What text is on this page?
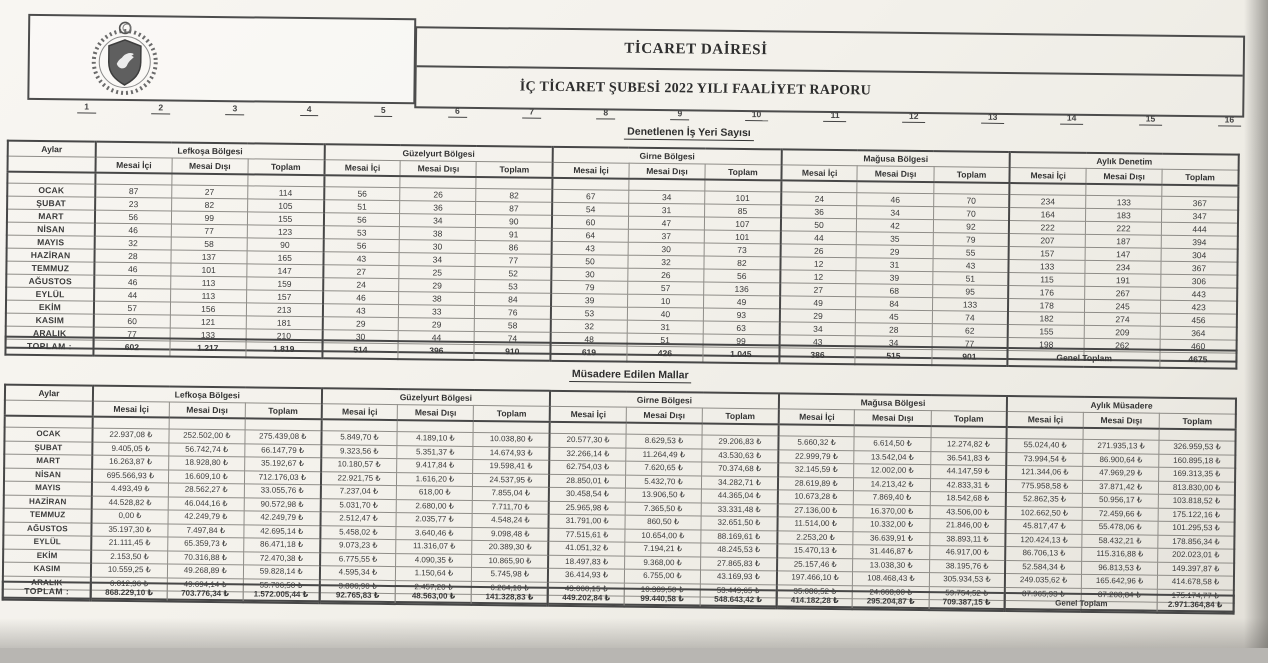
TİCARET DAİRESİ
İÇ TİCARET ŞUBESİ 2022 YILI FAALİYET RAPORU
1	2	3	4	5	6	7	8	9	10	11	12	13	14	15	16
Denetlenen İş Yeri Sayısı
Aylar	Lefkoşa Bölgesi			Güzelyurt Bölgesi			Girne Bölgesi			Mağusa Bölgesi			Aylık Denetim		
	Mesai İçi	Mesai Dışı	Toplam	Mesai İçi	Mesai Dışı	Toplam	Mesai İçi	Mesai Dışı	Toplam	Mesai İçi	Mesai Dışı	Toplam	Mesai İçi	Mesai Dışı	Toplam

OCAK	87	27	114	56	26	82	67	34	101	24	46	70	234	133	367
ŞUBAT	23	82	105	51	36	87	54	31	85	36	34	70	164	183	347
MART	56	99	155	56	34	90	60	47	107	50	42	92	222	222	444
NİSAN	46	77	123	53	38	91	64	37	101	44	35	79	207	187	394
MAYIS	32	58	90	56	30	86	43	30	73	26	29	55	157	147	304
HAZİRAN	28	137	165	43	34	77	50	32	82	12	31	43	133	234	367
TEMMUZ	46	101	147	27	25	52	30	26	56	12	39	51	115	191	306
AĞUSTOS	46	113	159	24	29	53	79	57	136	27	68	95	176	267	443
EYLÜL	44	113	157	46	38	84	39	10	49	49	84	133	178	245	423
EKİM	57	156	213	43	33	76	53	40	93	29	45	74	182	274	456
KASIM	60	121	181	29	29	58	32	31	63	34	28	62	155	209	364
ARALIK	77	133	210	30	44	74	48	51	99	43	34	77	198	262	460

TOPLAM :	602	1.217	1.819	514	396	910	619	426	1.045	386	515	901	Genel Toplam	4675
Müsadere Edilen Mallar
Aylar	Lefkoşa Bölgesi			Güzelyurt Bölgesi			Girne Bölgesi			Mağusa Bölgesi			Aylık Müsadere		
	Mesai İçi	Mesai Dışı	Toplam	Mesai İçi	Mesai Dışı	Toplam	Mesai İçi	Mesai Dışı	Toplam	Mesai İçi	Mesai Dışı	Toplam	Mesai İçi	Mesai Dışı	Toplam

OCAK	22.937,08 ₺	252.502,00 ₺	275.439,08 ₺	5.849,70 ₺	4.189,10 ₺	10.038,80 ₺	20.577,30 ₺	8.629,53 ₺	29.206,83 ₺	5.660,32 ₺	6.614,50 ₺	12.274,82 ₺	55.024,40 ₺	271.935,13 ₺	326.959,53 ₺
ŞUBAT	9.405,05 ₺	56.742,74 ₺	66.147,79 ₺	9.323,56 ₺	5.351,37 ₺	14.674,93 ₺	32.266,14 ₺	11.264,49 ₺	43.530,63 ₺	22.999,79 ₺	13.542,04 ₺	36.541,83 ₺	73.994,54 ₺	86.900,64 ₺	160.895,18 ₺
MART	16.263,87 ₺	18.928,80 ₺	35.192,67 ₺	10.180,57 ₺	9.417,84 ₺	19.598,41 ₺	62.754,03 ₺	7.620,65 ₺	70.374,68 ₺	32.145,59 ₺	12.002,00 ₺	44.147,59 ₺	121.344,06 ₺	47.969,29 ₺	169.313,35 ₺
NİSAN	695.566,93 ₺	16.609,10 ₺	712.176,03 ₺	22.921,75 ₺	1.616,20 ₺	24.537,95 ₺	28.850,01 ₺	5.432,70 ₺	34.282,71 ₺	28.619,89 ₺	14.213,42 ₺	42.833,31 ₺	775.958,58 ₺	37.871,42 ₺	813.830,00 ₺
MAYIS	4.493,49 ₺	28.562,27 ₺	33.055,76 ₺	7.237,04 ₺	618,00 ₺	7.855,04 ₺	30.458,54 ₺	13.906,50 ₺	44.365,04 ₺	10.673,28 ₺	7.869,40 ₺	18.542,68 ₺	52.862,35 ₺	50.956,17 ₺	103.818,52 ₺
HAZİRAN	44.528,82 ₺	46.044,16 ₺	90.572,98 ₺	5.031,70 ₺	2.680,00 ₺	7.711,70 ₺	25.965,98 ₺	7.365,50 ₺	33.331,48 ₺	27.136,00 ₺	16.370,00 ₺	43.506,00 ₺	102.662,50 ₺	72.459,66 ₺	175.122,16 ₺
TEMMUZ	0,00 ₺	42.249,79 ₺	42.249,79 ₺	2.512,47 ₺	2.035,77 ₺	4.548,24 ₺	31.791,00 ₺	860,50 ₺	32.651,50 ₺	11.514,00 ₺	10.332,00 ₺	21.846,00 ₺	45.817,47 ₺	55.478,06 ₺	101.295,53 ₺
AĞUSTOS	35.197,30 ₺	7.497,84 ₺	42.695,14 ₺	5.458,02 ₺	3.640,46 ₺	9.098,48 ₺	77.515,61 ₺	10.654,00 ₺	88.169,61 ₺	2.253,20 ₺	36.639,91 ₺	38.893,11 ₺	120.424,13 ₺	58.432,21 ₺	178.856,34 ₺
EYLÜL	21.111,45 ₺	65.359,73 ₺	86.471,18 ₺	9.073,23 ₺	11.316,07 ₺	20.389,30 ₺	41.051,32 ₺	7.194,21 ₺	48.245,53 ₺	15.470,13 ₺	31.446,87 ₺	46.917,00 ₺	86.706,13 ₺	115.316,88 ₺	202.023,01 ₺
EKİM	2.153,50 ₺	70.316,88 ₺	72.470,38 ₺	6.775,55 ₺	4.090,35 ₺	10.865,90 ₺	18.497,83 ₺	9.368,00 ₺	27.865,83 ₺	25.157,46 ₺	13.038,30 ₺	38.195,76 ₺	52.584,34 ₺	96.813,53 ₺	149.397,87 ₺
KASIM	10.559,25 ₺	49.268,89 ₺	59.828,14 ₺	4.595,34 ₺	1.150,64 ₺	5.745,98 ₺	36.414,93 ₺	6.755,00 ₺	43.169,93 ₺	197.466,10 ₺	108.468,43 ₺	305.934,53 ₺	249.035,62 ₺	165.642,96 ₺	414.678,58 ₺
ARALIK	6.012,36 ₺	49.694,14 ₺	55.706,50 ₺	3.806,90 ₺	2.457,20 ₺	6.264,10 ₺	43.060,15 ₺	10.389,50 ₺	53.449,65 ₺	35.086,52 ₺	24.668,00 ₺	59.754,52 ₺	87.965,93 ₺	87.208,84 ₺	175.174,77 ₺

TOPLAM :	868.229,10 ₺	703.776,34 ₺	1.572.005,44 ₺	92.765,83 ₺	48.563,00 ₺	141.328,83 ₺	449.202,84 ₺	99.440,58 ₺	548.643,42 ₺	414.182,28 ₺	295.204,87 ₺	709.387,15 ₺	Genel Toplam	2.971.364,84 ₺
